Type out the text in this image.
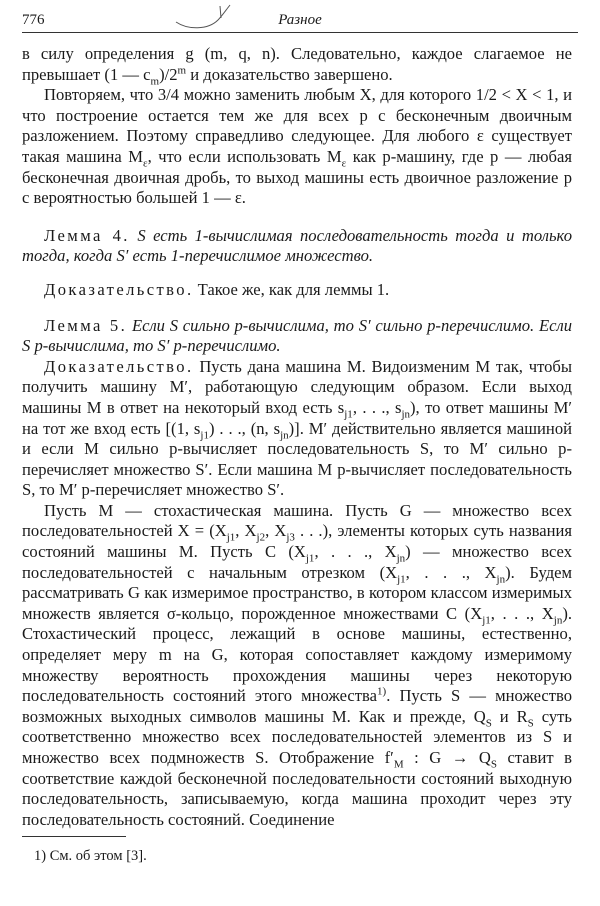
776	Разное

в силу определения g (m, q, n). Следовательно, каждое слагаемое не превышает (1 — $c_m)/2^m$ и доказательство завершено.

Повторяем, что 3/4 можно заменить любым X, для которого 1/2 < X < 1, и что построение остается тем же для всех p с бесконечным двоичным разложением. Поэтому справедливо следующее. Для любого ε существует такая машина $M_\varepsilon$, что если использовать $M_\varepsilon$ как p-машину, где p — любая бесконечная двоичная дробь, то выход машины есть двоичное разложение p с вероятностью большей 1 — ε.

Лемма 4. S есть 1-вычислимая последовательность тогда и только тогда, когда S′ есть 1-перечислимое множество.

Доказательство. Такое же, как для леммы 1.

Лемма 5. Если S сильно p-вычислима, то S′ сильно p-перечислимо. Если S p-вычислима, то S′ p-перечислимо.

Доказательство. Пусть дана машина M. Видоизменим M так, чтобы получить машину M′, работающую следующим образом. Если выход машины M в ответ на некоторый вход есть $s_{j1}$, . . ., $s_{jn}$), то ответ машины M′ на тот же вход есть [(1, $s_{j1}$) . . ., (n, $s_{jn}$)]. M′ действительно является машиной и если M сильно p-вычисляет последовательность S, то M′ сильно p-перечисляет множество S′. Если машина M p-вычисляет последовательность S, то M′ p-перечисляет множество S′.

Пусть M — стохастическая машина. Пусть G — множество всех последовательностей $X = (X_{j1}$, $X_{j2}$, $X_{j3}$ . . .), элементы которых суть названия состояний машины M. Пусть C ($X_{j1}$, . . ., $X_{jn}$) — множество всех последовательностей с начальным отрезком ($X_{j1}$, . . ., $X_{jn}$). Будем рассматривать G как измеримое пространство, в котором классом измеримых множеств является σ-кольцо, порожденное множествами C ($X_{j1}$, . . ., $X_{jn}$). Стохастический процесс, лежащий в основе машины, естественно, определяет меру m на G, которая сопоставляет каждому измеримому множеству вероятность прохождения машины через некоторую последовательность состояний этого множества$^{1)}$. Пусть S — множество возможных выходных символов машины M. Как и прежде, $Q_S$ и $R_S$ суть соответственно множество всех последовательностей элементов из S и множество всех подмножеств S. Отображение $f'_M$ : $G \to Q_S$ ставит в соответствие каждой бесконечной последовательности состояний выходную последовательность, записываемую, когда машина проходит через эту последовательность состояний. Соединение

1) См. об этом [3].
